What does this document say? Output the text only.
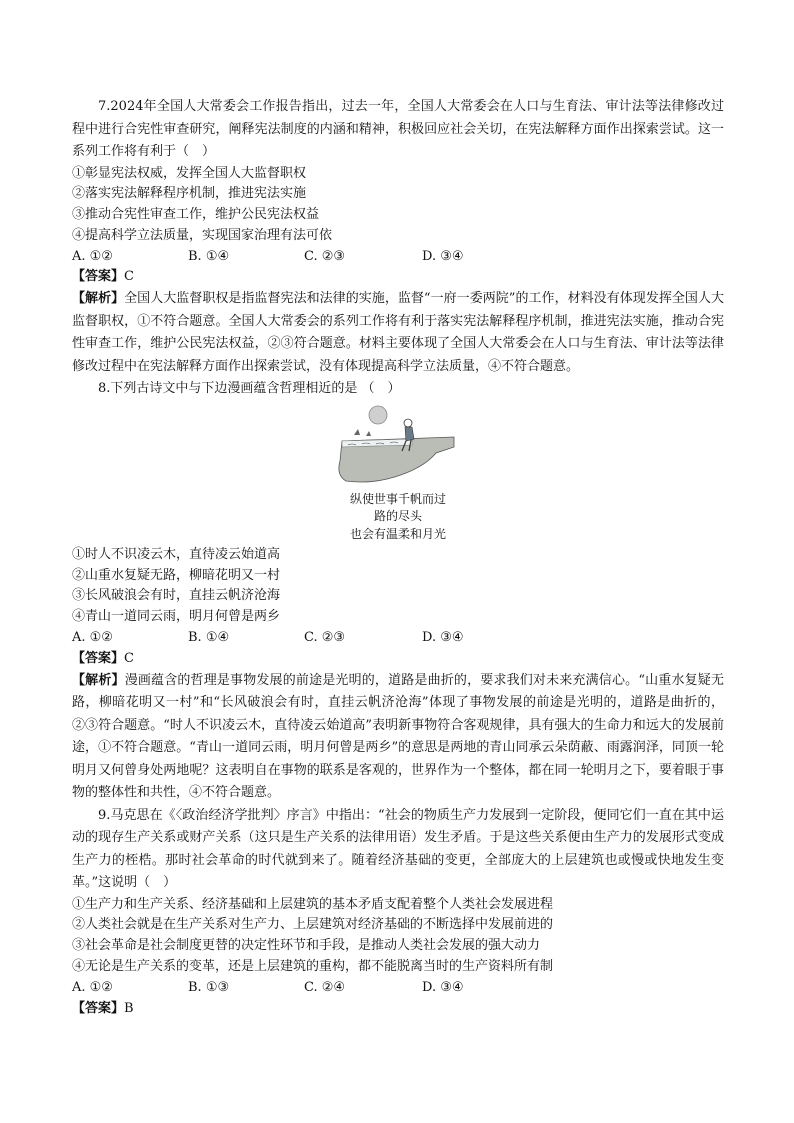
7.2024年全国人大常委会工作报告指出，过去一年，全国人大常委会在人口与生育法、审计法等法律修改过程中进行合宪性审查研究，阐释宪法制度的内涵和精神，积极回应社会关切，在宪法解释方面作出探索尝试。这一系列工作将有利于（　）

①彰显宪法权威，发挥全国人大监督职权

②落实宪法解释程序机制，推进宪法实施

③推动合宪性审查工作，维护公民宪法权益

④提高科学立法质量，实现国家治理有法可依

A. ①②	B. ①④	C. ②③	D. ③④

【答案】C

【解析】全国人大监督职权是指监督宪法和法律的实施，监督“一府一委两院”的工作，材料没有体现发挥全国人大监督职权，①不符合题意。全国人大常委会的系列工作将有利于落实宪法解释程序机制，推进宪法实施，推动合宪性审查工作，维护公民宪法权益，②③符合题意。材料主要体现了全国人大常委会在人口与生育法、审计法等法律修改过程中在宪法解释方面作出探索尝试，没有体现提高科学立法质量，④不符合题意。

8.下列古诗文中与下边漫画蕴含哲理相近的是 （　）

纵使世事千帆而过
路的尽头
也会有温柔和月光

①时人不识凌云木，直待凌云始道高

②山重水复疑无路，柳暗花明又一村

③长风破浪会有时，直挂云帆济沧海

④青山一道同云雨，明月何曾是两乡

A. ①②	B. ①④	C. ②③	D. ③④

【答案】C

【解析】漫画蕴含的哲理是事物发展的前途是光明的，道路是曲折的，要求我们对未来充满信心。“山重水复疑无路，柳暗花明又一村”和“长风破浪会有时，直挂云帆济沧海”体现了事物发展的前途是光明的，道路是曲折的，②③符合题意。“时人不识凌云木，直待凌云始道高”表明新事物符合客观规律，具有强大的生命力和远大的发展前途，①不符合题意。“青山一道同云雨，明月何曾是两乡”的意思是两地的青山同承云朵荫蔽、雨露润泽，同顶一轮明月又何曾身处两地呢？这表明自在事物的联系是客观的，世界作为一个整体，都在同一轮明月之下，要着眼于事物的整体性和共性，④不符合题意。

9.马克思在《〈政治经济学批判〉序言》中指出：“社会的物质生产力发展到一定阶段，便同它们一直在其中运动的现存生产关系或财产关系（这只是生产关系的法律用语）发生矛盾。于是这些关系便由生产力的发展形式变成生产力的桎梏。那时社会革命的时代就到来了。随着经济基础的变更，全部庞大的上层建筑也或慢或快地发生变革。”这说明（　）

①生产力和生产关系、经济基础和上层建筑的基本矛盾支配着整个人类社会发展进程

②人类社会就是在生产关系对生产力、上层建筑对经济基础的不断选择中发展前进的

③社会革命是社会制度更替的决定性环节和手段，是推动人类社会发展的强大动力

④无论是生产关系的变革，还是上层建筑的重构，都不能脱离当时的生产资料所有制

A. ①②	B. ①③	C. ②④	D. ③④

【答案】B
